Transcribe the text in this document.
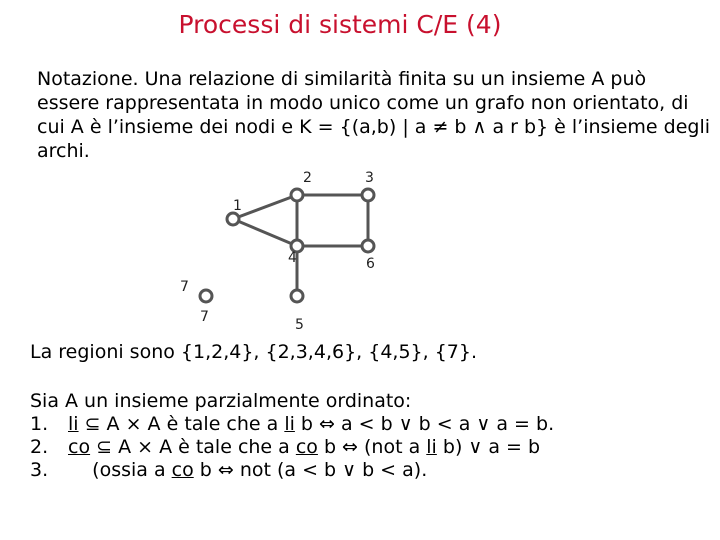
Processi di sistemi C/E (4)
Notazione. Una relazione di similarità finita su un insieme A può
essere rappresentata in modo unico come un grafo non orientato, di
cui A è l’insieme dei nodi e K = {(a,b) | a ≠ b ∧ a r b} è l’insieme degli
archi.
1
2	3
4	6
7
7	5
La regioni sono {1,2,4}, {2,3,4,6}, {4,5}, {7}.
Sia A un insieme parzialmente ordinato:
1. li ⊆ A × A è tale che a li b ⇔ a < b ∨ b < a ∨ a = b.
2. co ⊆ A × A è tale che a co b ⇔ (not a li b) ∨ a = b
3.    (ossia a co b ⇔ not (a < b ∨ b < a).
